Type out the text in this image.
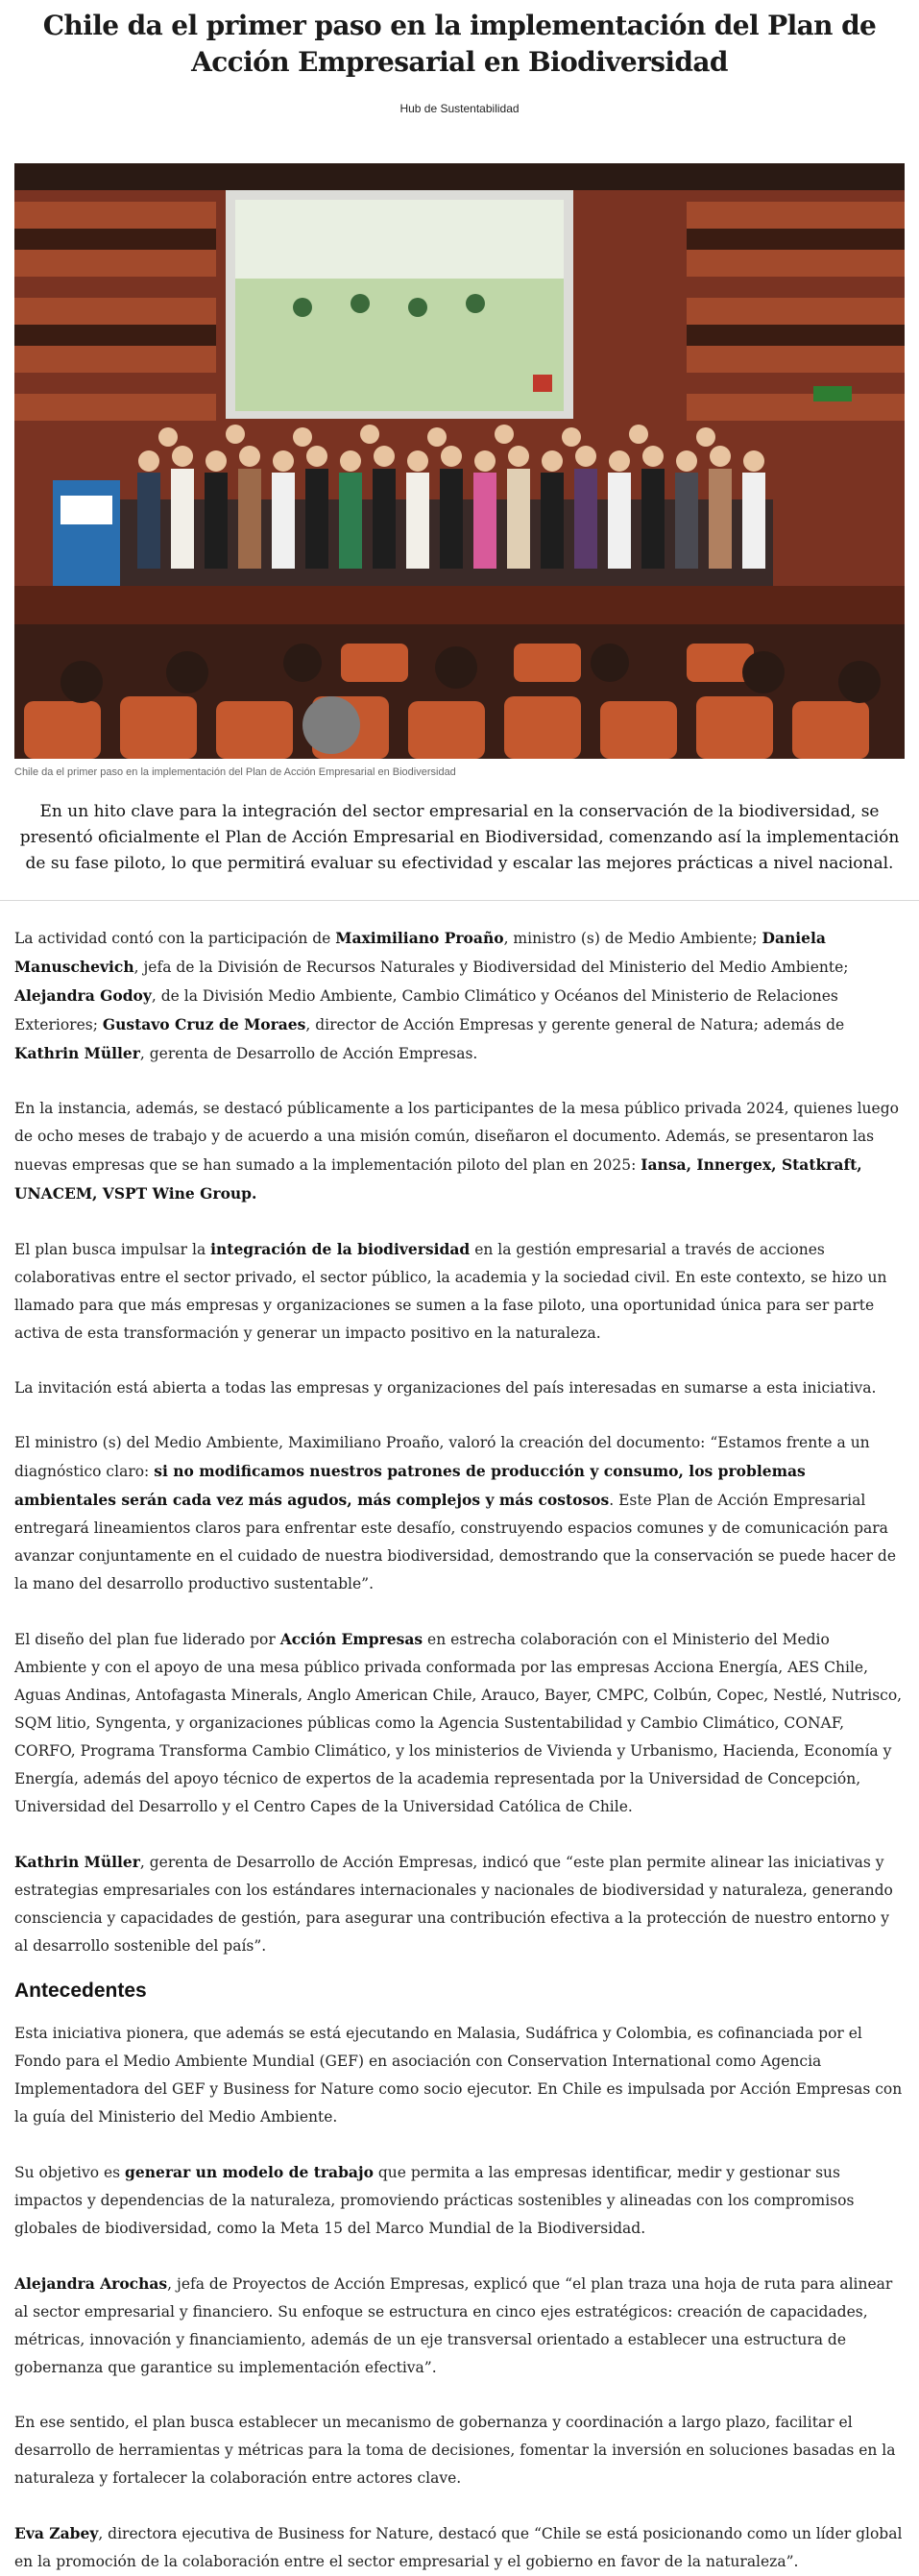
Chile da el primer paso en la implementación del Plan de Acción Empresarial en Biodiversidad
Hub de Sustentabilidad
Chile da el primer paso en la implementación del Plan de Acción Empresarial en Biodiversidad

En un hito clave para la integración del sector empresarial en la conservación de la biodiversidad, se presentó oficialmente el Plan de Acción Empresarial en Biodiversidad, comenzando así la implementación de su fase piloto, lo que permitirá evaluar su efectividad y escalar las mejores prácticas a nivel nacional.

La actividad contó con la participación de Maximiliano Proaño, ministro (s) de Medio Ambiente; Daniela Manuschevich, jefa de la División de Recursos Naturales y Biodiversidad del Ministerio del Medio Ambiente; Alejandra Godoy, de la División Medio Ambiente, Cambio Climático y Océanos del Ministerio de Relaciones Exteriores; Gustavo Cruz de Moraes, director de Acción Empresas y gerente general de Natura; además de Kathrin Müller, gerenta de Desarrollo de Acción Empresas.

En la instancia, además, se destacó públicamente a los participantes de la mesa público privada 2024, quienes luego de ocho meses de trabajo y de acuerdo a una misión común, diseñaron el documento. Además, se presentaron las nuevas empresas que se han sumado a la implementación piloto del plan en 2025: Iansa, Innergex, Statkraft, UNACEM, VSPT Wine Group.

El plan busca impulsar la integración de la biodiversidad en la gestión empresarial a través de acciones colaborativas entre el sector privado, el sector público, la academia y la sociedad civil. En este contexto, se hizo un llamado para que más empresas y organizaciones se sumen a la fase piloto, una oportunidad única para ser parte activa de esta transformación y generar un impacto positivo en la naturaleza.

La invitación está abierta a todas las empresas y organizaciones del país interesadas en sumarse a esta iniciativa.

El ministro (s) del Medio Ambiente, Maximiliano Proaño, valoró la creación del documento: “Estamos frente a un diagnóstico claro: si no modificamos nuestros patrones de producción y consumo, los problemas ambientales serán cada vez más agudos, más complejos y más costosos. Este Plan de Acción Empresarial entregará lineamientos claros para enfrentar este desafío, construyendo espacios comunes y de comunicación para avanzar conjuntamente en el cuidado de nuestra biodiversidad, demostrando que la conservación se puede hacer de la mano del desarrollo productivo sustentable”.

El diseño del plan fue liderado por Acción Empresas en estrecha colaboración con el Ministerio del Medio Ambiente y con el apoyo de una mesa público privada conformada por las empresas Acciona Energía, AES Chile, Aguas Andinas, Antofagasta Minerals, Anglo American Chile, Arauco, Bayer, CMPC, Colbún, Copec, Nestlé, Nutrisco, SQM litio, Syngenta, y organizaciones públicas como la Agencia Sustentabilidad y Cambio Climático, CONAF, CORFO, Programa Transforma Cambio Climático, y los ministerios de Vivienda y Urbanismo, Hacienda, Economía y Energía, además del apoyo técnico de expertos de la academia representada por la Universidad de Concepción, Universidad del Desarrollo y el Centro Capes de la Universidad Católica de Chile.

Kathrin Müller, gerenta de Desarrollo de Acción Empresas, indicó que “este plan permite alinear las iniciativas y estrategias empresariales con los estándares internacionales y nacionales de biodiversidad y naturaleza, generando consciencia y capacidades de gestión, para asegurar una contribución efectiva a la protección de nuestro entorno y al desarrollo sostenible del país”.

Antecedentes

Esta iniciativa pionera, que además se está ejecutando en Malasia, Sudáfrica y Colombia, es cofinanciada por el Fondo para el Medio Ambiente Mundial (GEF) en asociación con Conservation International como Agencia Implementadora del GEF y Business for Nature como socio ejecutor. En Chile es impulsada por Acción Empresas con la guía del Ministerio del Medio Ambiente.

Su objetivo es generar un modelo de trabajo que permita a las empresas identificar, medir y gestionar sus impactos y dependencias de la naturaleza, promoviendo prácticas sostenibles y alineadas con los compromisos globales de biodiversidad, como la Meta 15 del Marco Mundial de la Biodiversidad.

Alejandra Arochas, jefa de Proyectos de Acción Empresas, explicó que “el plan traza una hoja de ruta para alinear al sector empresarial y financiero. Su enfoque se estructura en cinco ejes estratégicos: creación de capacidades, métricas, innovación y financiamiento, además de un eje transversal orientado a establecer una estructura de gobernanza que garantice su implementación efectiva”.

En ese sentido, el plan busca establecer un mecanismo de gobernanza y coordinación a largo plazo, facilitar el desarrollo de herramientas y métricas para la toma de decisiones, fomentar la inversión en soluciones basadas en la naturaleza y fortalecer la colaboración entre actores clave.

Eva Zabey, directora ejecutiva de Business for Nature, destacó que “Chile se está posicionando como un líder global en la promoción de la colaboración entre el sector empresarial y el gobierno en favor de la naturaleza”.
